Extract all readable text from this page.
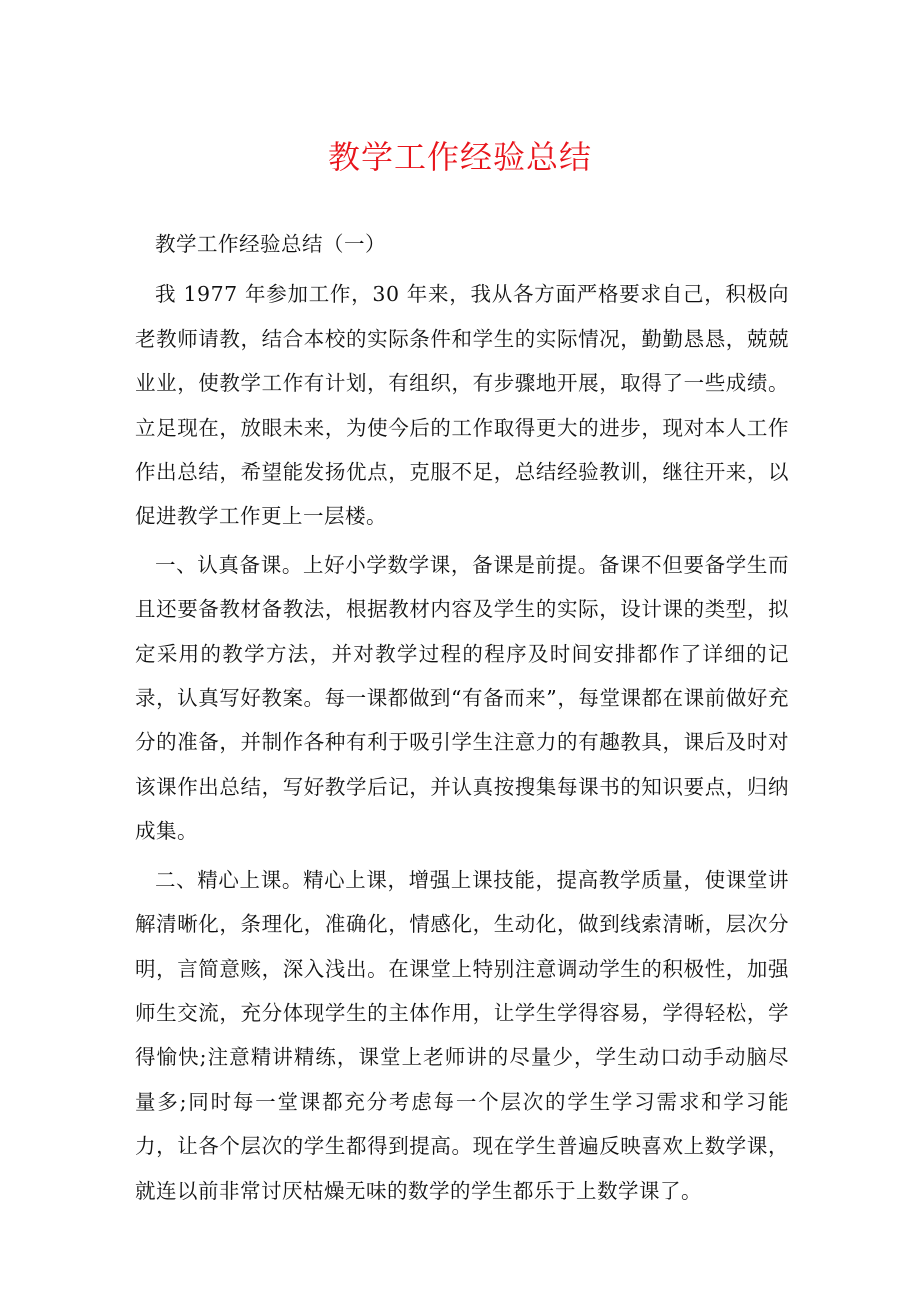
教学工作经验总结

教学工作经验总结（一）

我 1977 年参加工作，30 年来，我从各方面严格要求自己，积极向老教师请教，结合本校的实际条件和学生的实际情况，勤勤恳恳，兢兢业业，使教学工作有计划，有组织，有步骤地开展，取得了一些成绩。立足现在，放眼未来，为使今后的工作取得更大的进步，现对本人工作作出总结，希望能发扬优点，克服不足，总结经验教训，继往开来，以促进教学工作更上一层楼。

一、认真备课。上好小学数学课，备课是前提。备课不但要备学生而且还要备教材备教法，根据教材内容及学生的实际，设计课的类型，拟定采用的教学方法，并对教学过程的程序及时间安排都作了详细的记录，认真写好教案。每一课都做到“有备而来”，每堂课都在课前做好充分的准备，并制作各种有利于吸引学生注意力的有趣教具，课后及时对该课作出总结，写好教学后记，并认真按搜集每课书的知识要点，归纳成集。

二、精心上课。精心上课，增强上课技能，提高教学质量，使课堂讲解清晰化，条理化，准确化，情感化，生动化，做到线索清晰，层次分明，言简意赅，深入浅出。在课堂上特别注意调动学生的积极性，加强师生交流，充分体现学生的主体作用，让学生学得容易，学得轻松，学得愉快;注意精讲精练，课堂上老师讲的尽量少，学生动口动手动脑尽量多;同时每一堂课都充分考虑每一个层次的学生学习需求和学习能力，让各个层次的学生都得到提高。现在学生普遍反映喜欢上数学课，就连以前非常讨厌枯燥无味的数学的学生都乐于上数学课了。
